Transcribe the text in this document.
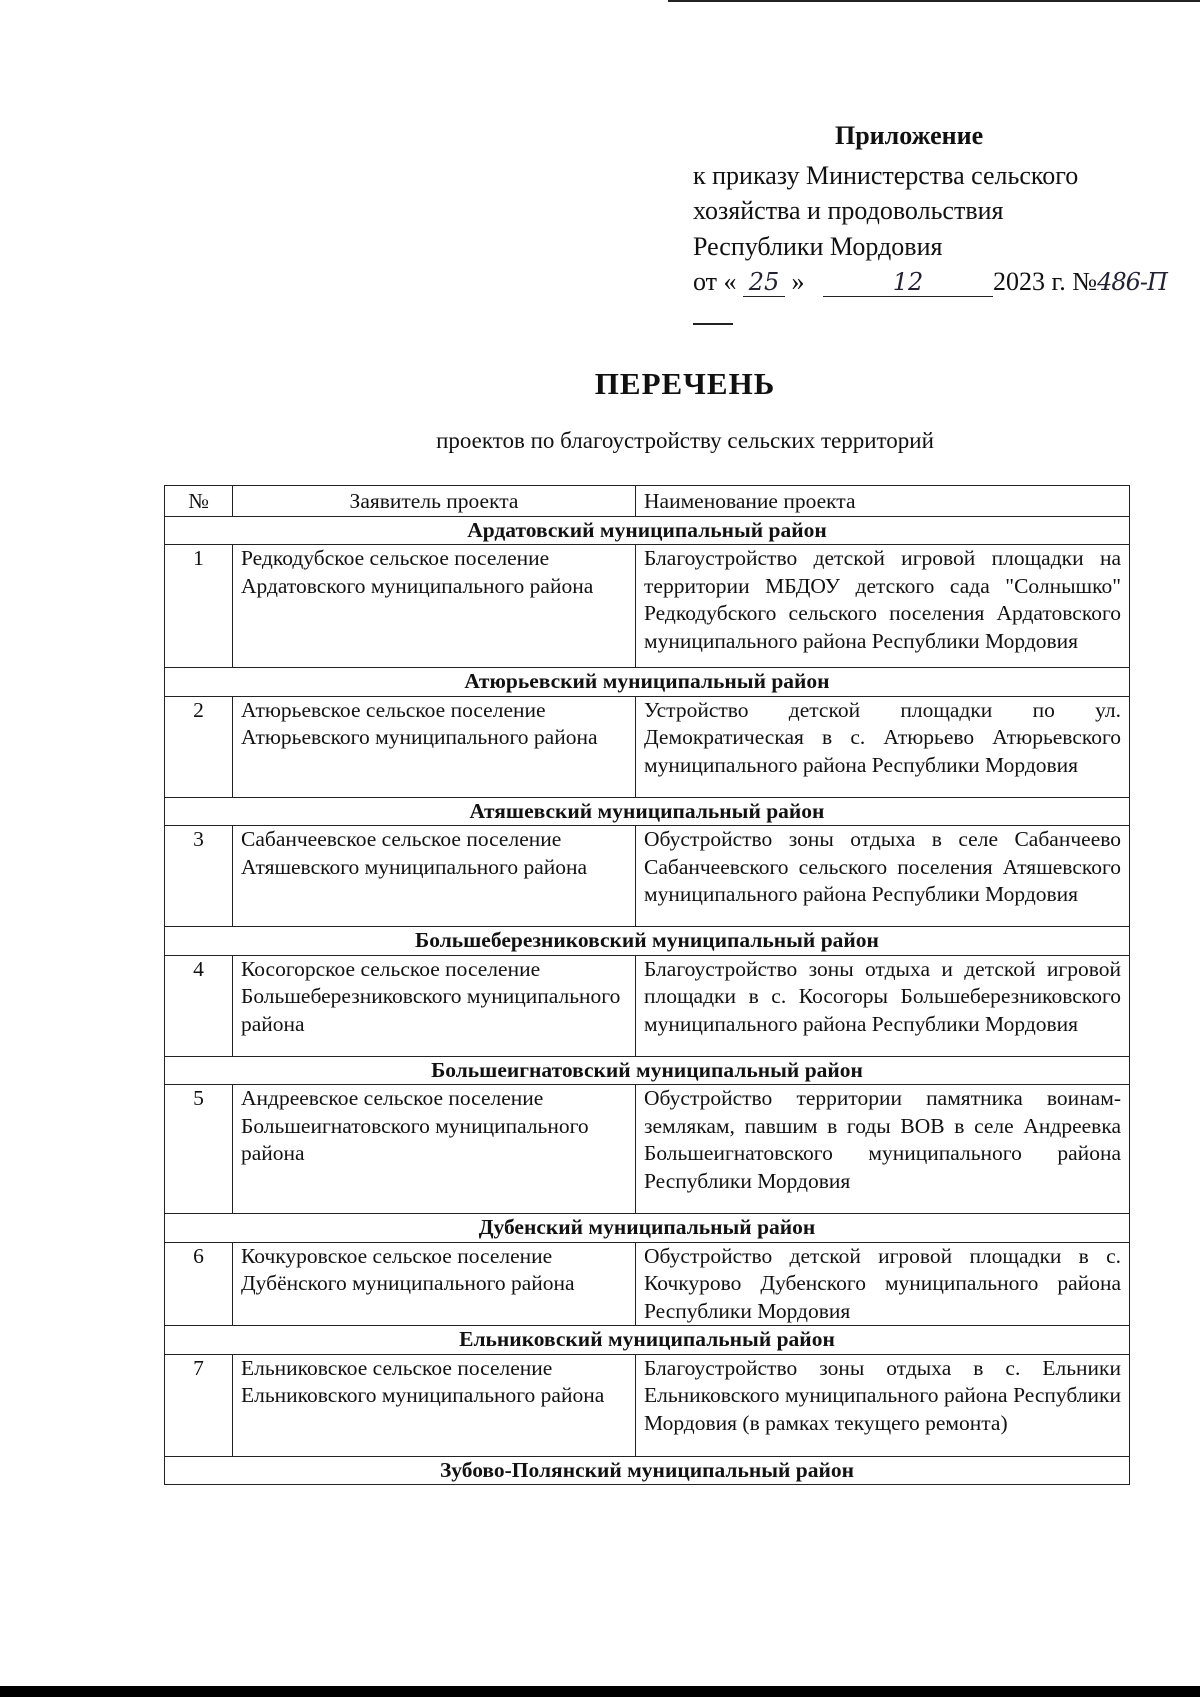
Приложение
к приказу Министерства сельского
хозяйства и продовольствия
Республики Мордовия
от « 25 »	12	2023 г. №486-П
ПЕРЕЧЕНЬ
проектов по благоустройству сельских территорий
№	Заявитель проекта	Наименование проекта
Ардатовский муниципальный район		
1	Редкодубское сельское поселение Ардатовского муниципального района	Благоустройство детской игровой площадки на территории МБДОУ детского сада "Солнышко" Редкодубского сельского поселения Ардатовского муниципального района Республики Мордовия
Атюрьевский муниципальный район		
2	Атюрьевское сельское поселение Атюрьевского муниципального района	Устройство детской площадки по ул. Демократическая в с. Атюрьево Атюрьевского муниципального района Республики Мордовия
Атяшевский муниципальный район		
3	Сабанчеевское сельское поселение Атяшевского муниципального района	Обустройство зоны отдыха в селе Сабанчеево Сабанчеевского сельского поселения Атяшевского муниципального района Республики Мордовия
Большеберезниковский муниципальный район		
4	Косогорское сельское поселение Большеберезниковского муниципального района	Благоустройство зоны отдыха и детской игровой площадки в с. Косогоры Большеберезниковского муниципального района Республики Мордовия
Большеигнатовский муниципальный район		
5	Андреевское сельское поселение Большеигнатовского муниципального района	Обустройство территории памятника воинам-землякам, павшим в годы ВОВ в селе Андреевка Большеигнатовского муниципального района Республики Мордовия
Дубенский муниципальный район		
6	Кочкуровское сельское поселение Дубёнского муниципального района	Обустройство детской игровой площадки в с. Кочкурово Дубенского муниципального района Республики Мордовия
Ельниковский муниципальный район		
7	Ельниковское сельское поселение Ельниковского муниципального района	Благоустройство зоны отдыха в с. Ельники Ельниковского муниципального района Республики Мордовия (в рамках текущего ремонта)
Зубово-Полянский муниципальный район		
